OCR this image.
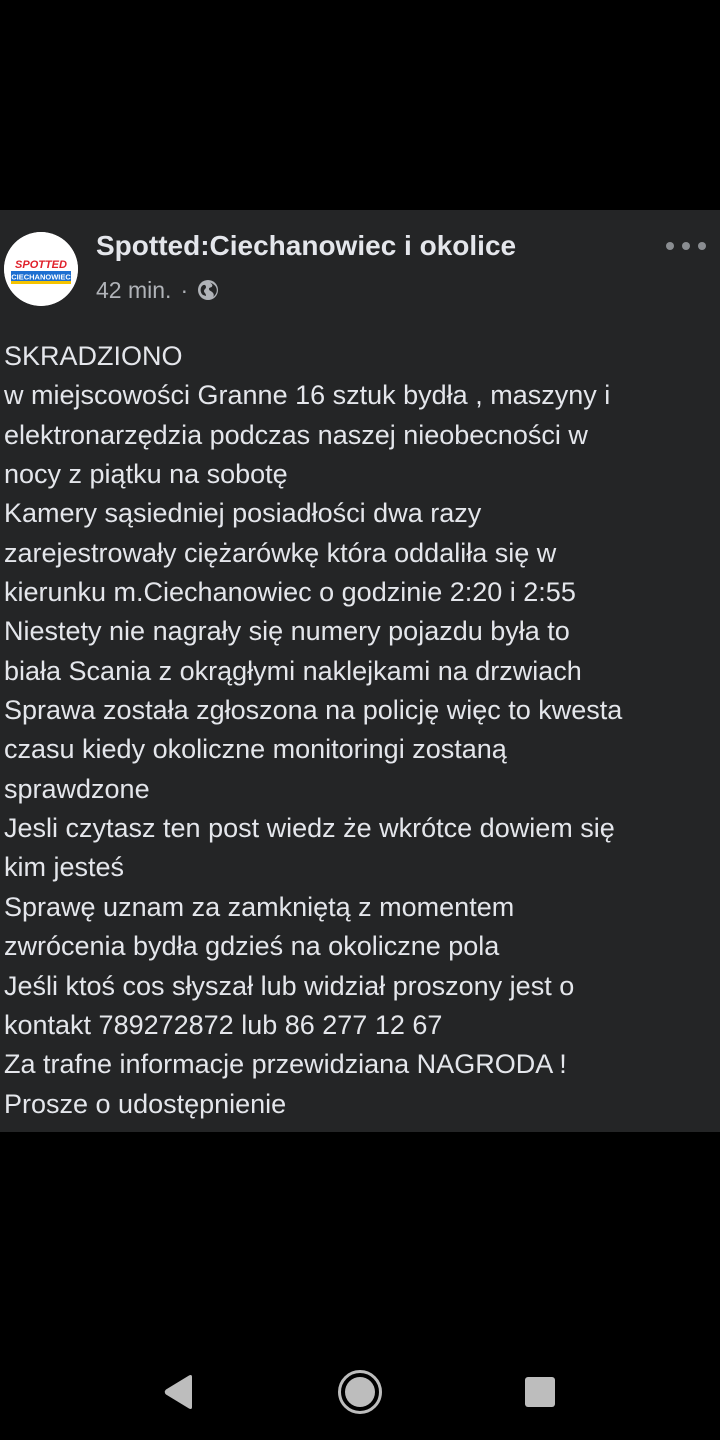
SPOTTED
CIECHANOWIEC
Spotted:Ciechanowiec i okolice
42 min. ·
SKRADZIONO
w miejscowości Granne 16 sztuk bydła , maszyny i
elektronarzędzia podczas naszej nieobecności w
nocy z piątku na sobotę
Kamery sąsiedniej posiadłości dwa razy
zarejestrowały ciężarówkę która oddaliła się w
kierunku m.Ciechanowiec o godzinie 2:20 i 2:55
Niestety nie nagrały się numery pojazdu była to
biała Scania z okrągłymi naklejkami na drzwiach
Sprawa została zgłoszona na policję więc to kwesta
czasu kiedy okoliczne monitoringi zostaną
sprawdzone
Jesli czytasz ten post wiedz że wkrótce dowiem się
kim jesteś
Sprawę uznam za zamkniętą z momentem
zwrócenia bydła gdzieś na okoliczne pola
Jeśli ktoś cos słyszał lub widział proszony jest o
kontakt 789272872 lub 86 277 12 67
Za trafne informacje przewidziana NAGRODA !
Prosze o udostępnienie
